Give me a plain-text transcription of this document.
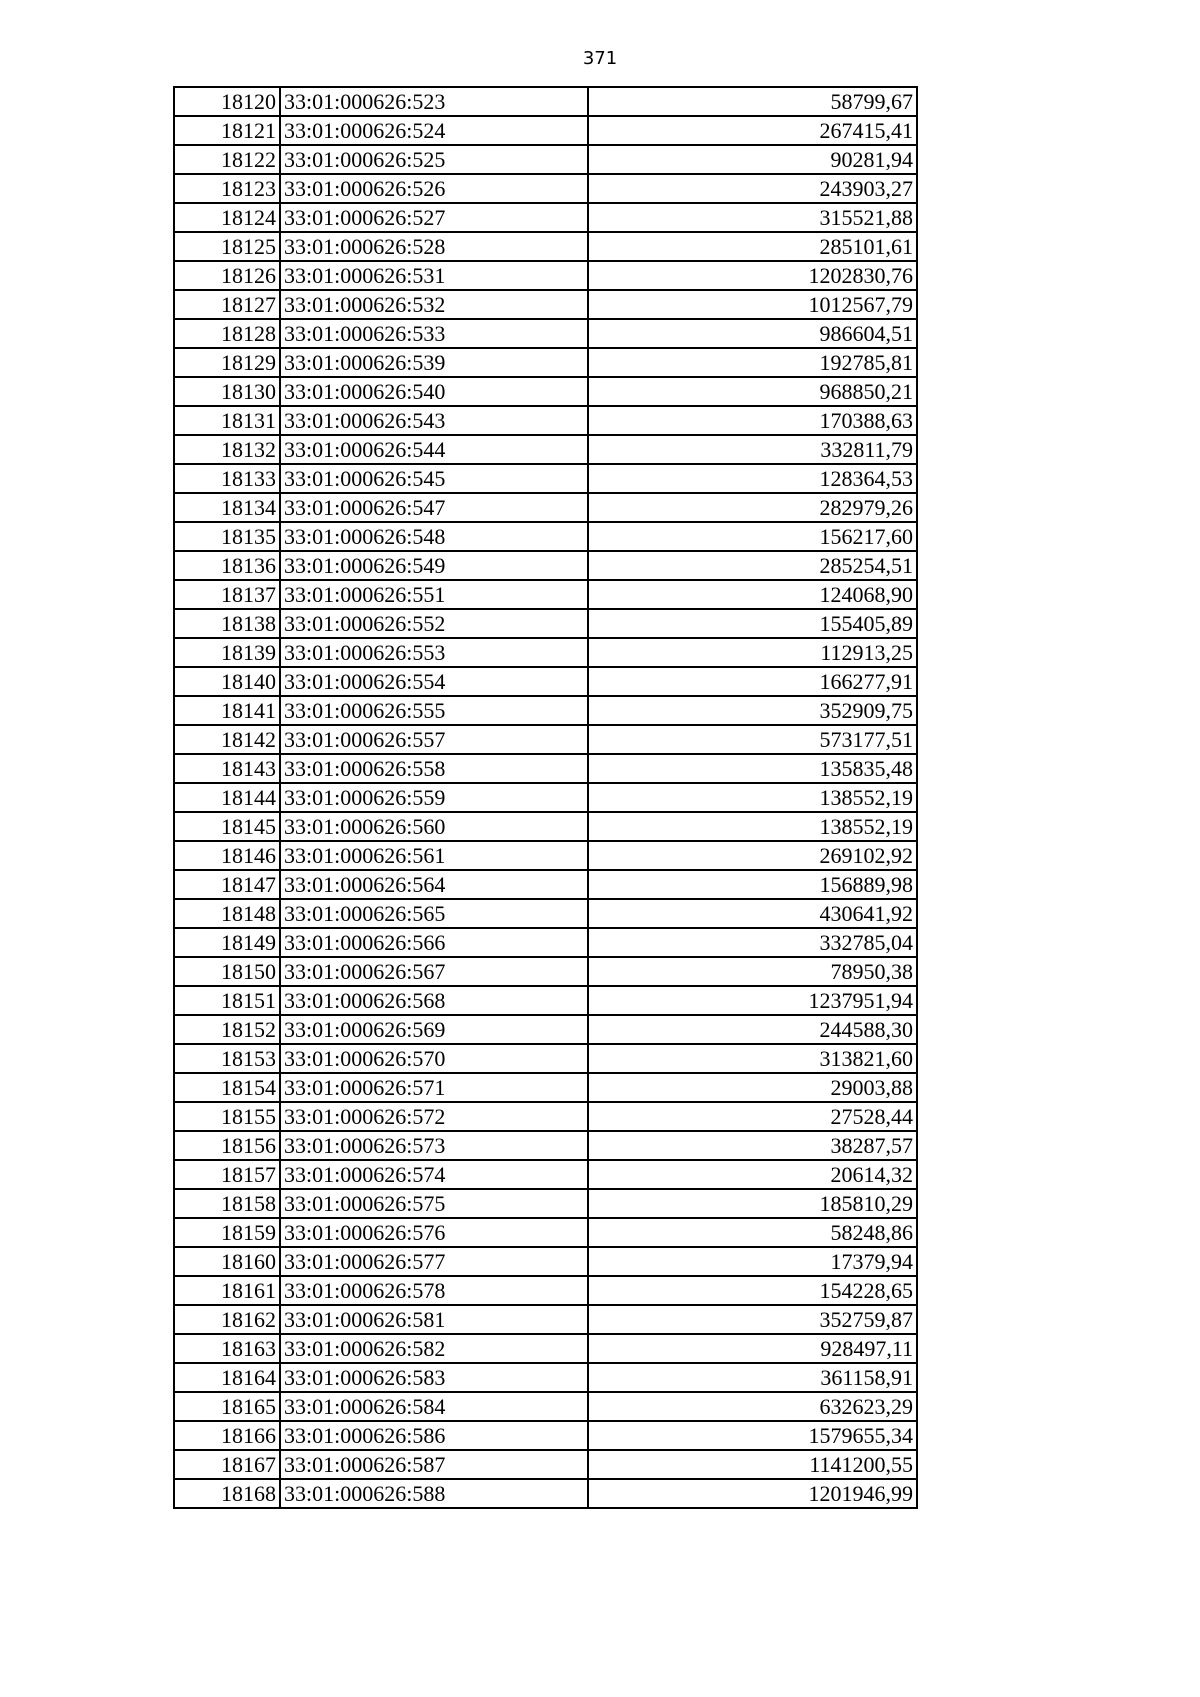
371
18120	33:01:000626:523	58799,67
18121	33:01:000626:524	267415,41
18122	33:01:000626:525	90281,94
18123	33:01:000626:526	243903,27
18124	33:01:000626:527	315521,88
18125	33:01:000626:528	285101,61
18126	33:01:000626:531	1202830,76
18127	33:01:000626:532	1012567,79
18128	33:01:000626:533	986604,51
18129	33:01:000626:539	192785,81
18130	33:01:000626:540	968850,21
18131	33:01:000626:543	170388,63
18132	33:01:000626:544	332811,79
18133	33:01:000626:545	128364,53
18134	33:01:000626:547	282979,26
18135	33:01:000626:548	156217,60
18136	33:01:000626:549	285254,51
18137	33:01:000626:551	124068,90
18138	33:01:000626:552	155405,89
18139	33:01:000626:553	112913,25
18140	33:01:000626:554	166277,91
18141	33:01:000626:555	352909,75
18142	33:01:000626:557	573177,51
18143	33:01:000626:558	135835,48
18144	33:01:000626:559	138552,19
18145	33:01:000626:560	138552,19
18146	33:01:000626:561	269102,92
18147	33:01:000626:564	156889,98
18148	33:01:000626:565	430641,92
18149	33:01:000626:566	332785,04
18150	33:01:000626:567	78950,38
18151	33:01:000626:568	1237951,94
18152	33:01:000626:569	244588,30
18153	33:01:000626:570	313821,60
18154	33:01:000626:571	29003,88
18155	33:01:000626:572	27528,44
18156	33:01:000626:573	38287,57
18157	33:01:000626:574	20614,32
18158	33:01:000626:575	185810,29
18159	33:01:000626:576	58248,86
18160	33:01:000626:577	17379,94
18161	33:01:000626:578	154228,65
18162	33:01:000626:581	352759,87
18163	33:01:000626:582	928497,11
18164	33:01:000626:583	361158,91
18165	33:01:000626:584	632623,29
18166	33:01:000626:586	1579655,34
18167	33:01:000626:587	1141200,55
18168	33:01:000626:588	1201946,99
